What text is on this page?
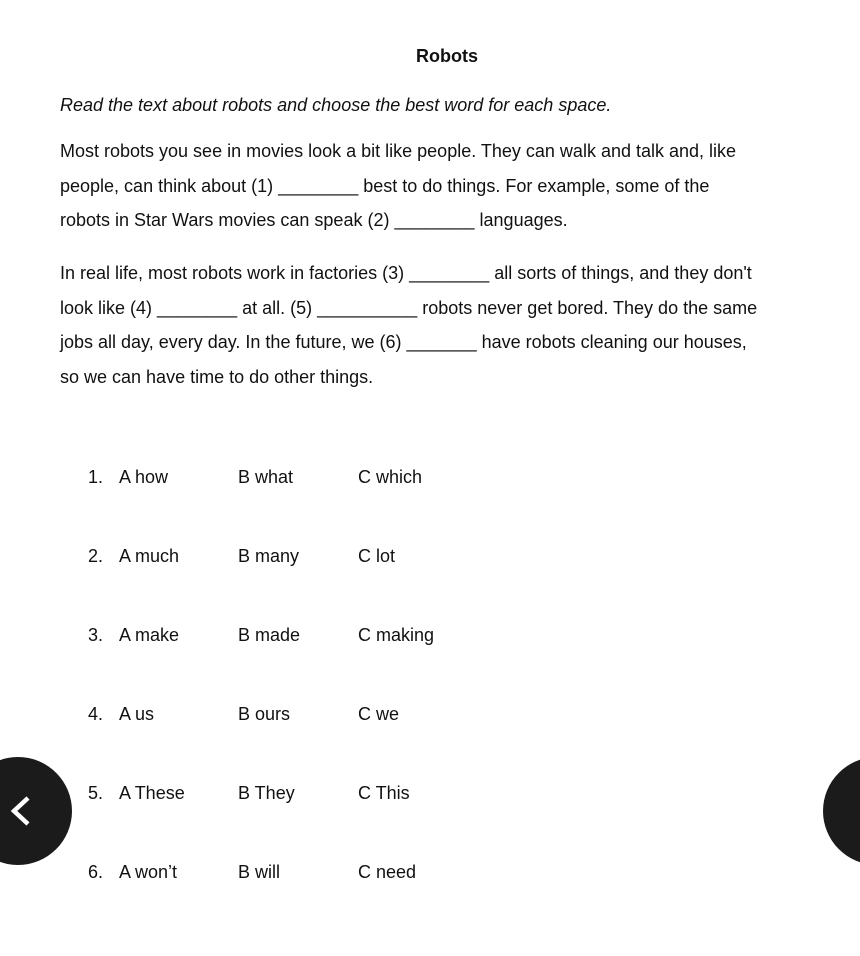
Robots
Read the text about robots and choose the best word for each space.
Most robots you see in movies look a bit like people. They can walk and talk and, like
people, can think about (1) ________ best to do things. For example, some of the
robots in Star Wars movies can speak (2) ________ languages.
In real life, most robots work in factories (3) ________ all sorts of things, and they don't
look like (4) ________ at all. (5) __________ robots never get bored. They do the same
jobs all day, every day. In the future, we (6) _______ have robots cleaning our houses,
so we can have time to do other things.
1. A how	B what	C which
2. A much	B many	C lot
3. A make	B made	C making
4. A us	B ours	C we
5. A These	B They	C This
6. A won’t	B will	C need
